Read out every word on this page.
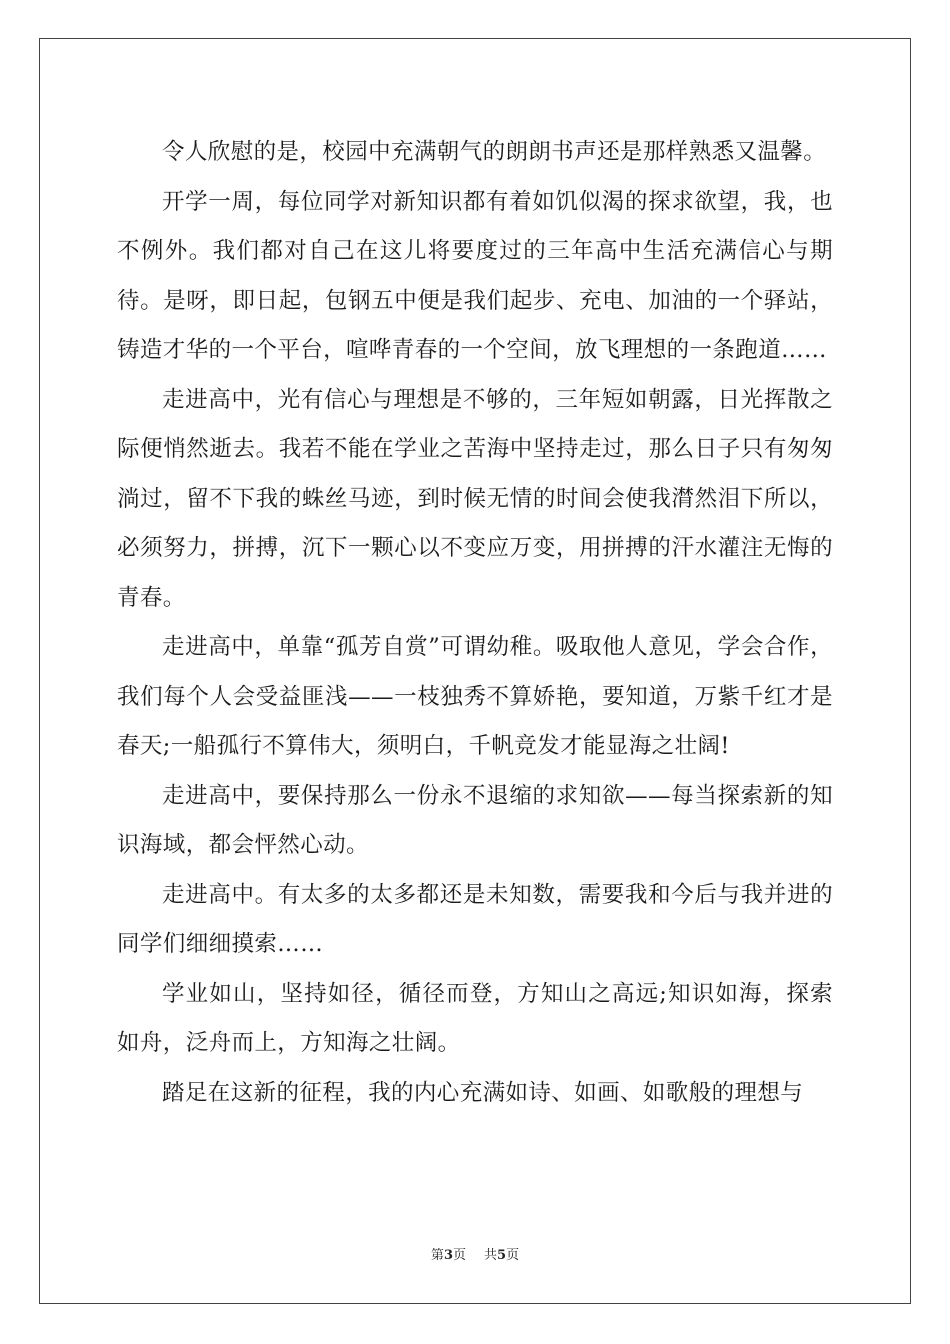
令人欣慰的是，校园中充满朝气的朗朗书声还是那样熟悉又温馨。

开学一周，每位同学对新知识都有着如饥似渴的探求欲望，我，也不例外。我们都对自己在这儿将要度过的三年高中生活充满信心与期待。是呀，即日起，包钢五中便是我们起步、充电、加油的一个驿站，铸造才华的一个平台，喧哗青春的一个空间，放飞理想的一条跑道……

走进高中，光有信心与理想是不够的，三年短如朝露，日光挥散之际便悄然逝去。我若不能在学业之苦海中坚持走过，那么日子只有匆匆淌过，留不下我的蛛丝马迹，到时候无情的时间会使我潸然泪下所以，必须努力，拼搏，沉下一颗心以不变应万变，用拼搏的汗水灌注无悔的青春。

走进高中，单靠“孤芳自赏”可谓幼稚。吸取他人意见，学会合作，我们每个人会受益匪浅——一枝独秀不算娇艳，要知道，万紫千红才是春天;一船孤行不算伟大，须明白，千帆竞发才能显海之壮阔!

走进高中，要保持那么一份永不退缩的求知欲——每当探索新的知识海域，都会怦然心动。

走进高中。有太多的太多都还是未知数，需要我和今后与我并进的同学们细细摸索……

学业如山，坚持如径，循径而登，方知山之高远;知识如海，探索如舟，泛舟而上，方知海之壮阔。

踏足在这新的征程，我的内心充满如诗、如画、如歌般的理想与

第3页 共5页
